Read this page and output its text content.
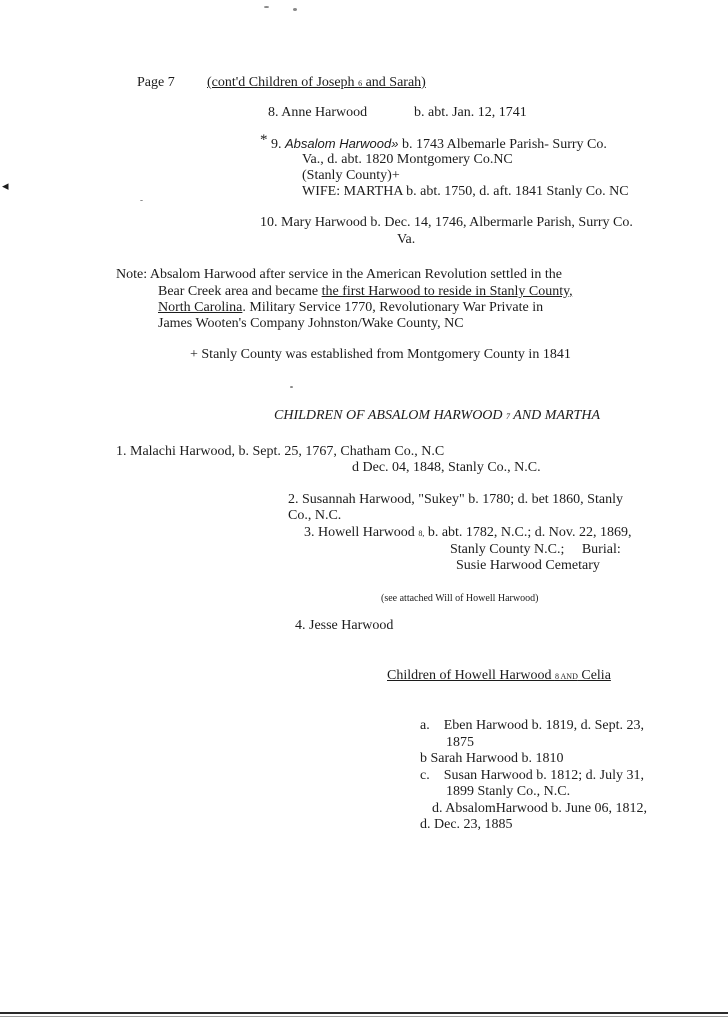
◂
Page 7 (cont'd Children of Joseph 6 and Sarah)
8. Anne Harwood	b. abt. Jan. 12, 1741
* 9. Absalom Harwood» b. 1743 Albemarle Parish- Surry Co.
Va., d. abt. 1820 Montgomery Co.NC
(Stanly County)+
WIFE: MARTHA b. abt. 1750, d. aft. 1841 Stanly Co. NC
10. Mary Harwood b. Dec. 14, 1746, Albermarle Parish, Surry Co.
Va.
Note: Absalom Harwood after service in the American Revolution settled in the
Bear Creek area and became the first Harwood to reside in Stanly County,
North Carolina. Military Service 1770, Revolutionary War Private in
James Wooten's Company Johnston/Wake County, NC
+ Stanly County was established from Montgomery County in 1841
CHILDREN OF ABSALOM HARWOOD 7 AND MARTHA
1. Malachi Harwood, b. Sept. 25, 1767, Chatham Co., N.C
d Dec. 04, 1848, Stanly Co., N.C.
2. Susannah Harwood, "Sukey" b. 1780; d. bet 1860, Stanly
Co., N.C.
3. Howell Harwood 8, b. abt. 1782, N.C.; d. Nov. 22, 1869,
Stanly County N.C.;     Burial:
Susie Harwood Cemetary
(see attached Will of Howell Harwood)
4. Jesse Harwood
Children of Howell Harwood 8 AND Celia
a.    Eben Harwood b. 1819, d. Sept. 23,
1875
b Sarah Harwood b. 1810
c.    Susan Harwood b. 1812; d. July 31,
1899 Stanly Co., N.C.
d. AbsalomHarwood b. June 06, 1812,
d. Dec. 23, 1885
